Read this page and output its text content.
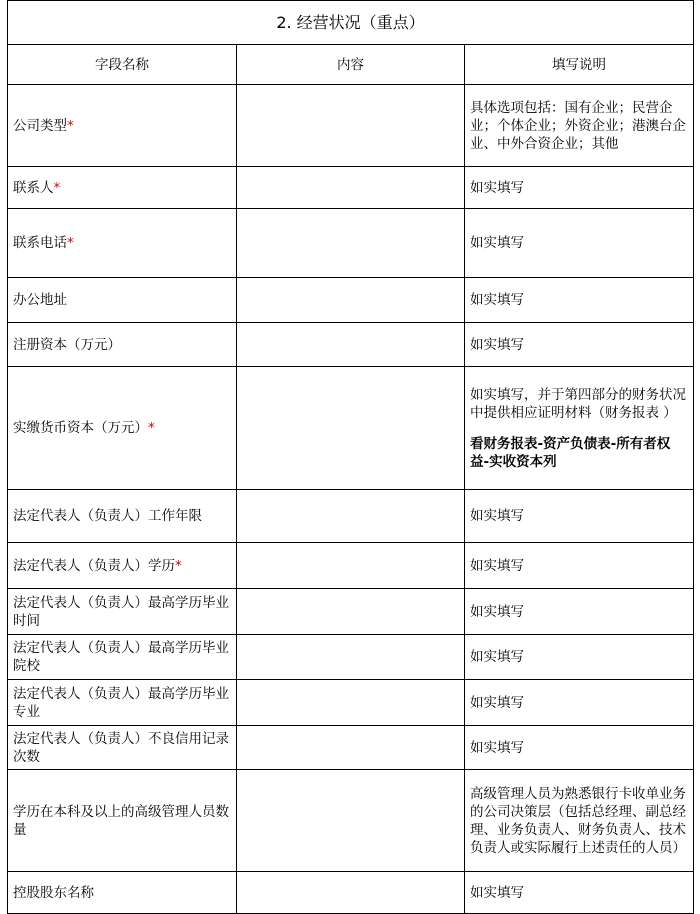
2. 经营状况（重点）		
字段名称	内容	填写说明
公司类型*		具体选项包括：国有企业；民营企业；个体企业；外资企业；港澳台企业、中外合资企业；其他
联系人*		如实填写
联系电话*		如实填写
办公地址		如实填写
注册资本（万元）		如实填写
实缴货币资本（万元）*		如实填写，并于第四部分的财务状况中提供相应证明材料（财务报表 ）
看财务报表-资产负债表-所有者权益-实收资本列

法定代表人（负责人）工作年限		如实填写
法定代表人（负责人）学历*		如实填写
法定代表人（负责人）最高学历毕业时间		如实填写
法定代表人（负责人）最高学历毕业院校		如实填写
法定代表人（负责人）最高学历毕业专业		如实填写
法定代表人（负责人）不良信用记录次数		如实填写
学历在本科及以上的高级管理人员数量		高级管理人员为熟悉银行卡收单业务的公司决策层（包括总经理、副总经理、业务负责人、财务负责人、技术负责人或实际履行上述责任的人员）
控股股东名称		如实填写
